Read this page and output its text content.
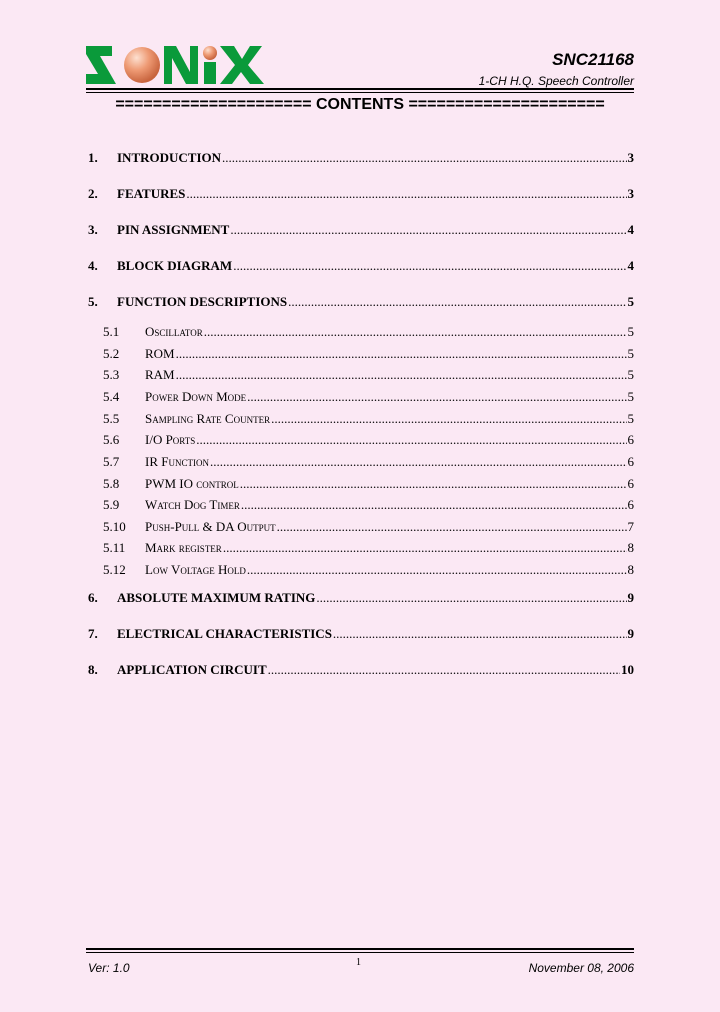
SNC21168
1-CH H.Q. Speech Controller
===================== CONTENTS =====================
1.	INTRODUCTION .....	3
2.	FEATURES .....	3
3.	PIN ASSIGNMENT .....	4
4.	BLOCK DIAGRAM .....	4
5.	FUNCTION DESCRIPTIONS .....	5
5.1	Oscillator .....	5
5.2	ROM .....	5
5.3	RAM .....	5
5.4	Power Down Mode .....	5
5.5	Sampling Rate Counter .....	5
5.6	I/O Ports .....	6
5.7	IR Function .....	6
5.8	PWM IO control .....	6
5.9	Watch Dog Timer .....	6
5.10	Push-Pull & DA Output .....	7
5.11	Mark register .....	8
5.12	Low Voltage Hold .....	8
6.	ABSOLUTE MAXIMUM RATING .....	9
7.	ELECTRICAL CHARACTERISTICS .....	9
8.	APPLICATION CIRCUIT .....	10
Ver: 1.0	1	November 08, 2006
